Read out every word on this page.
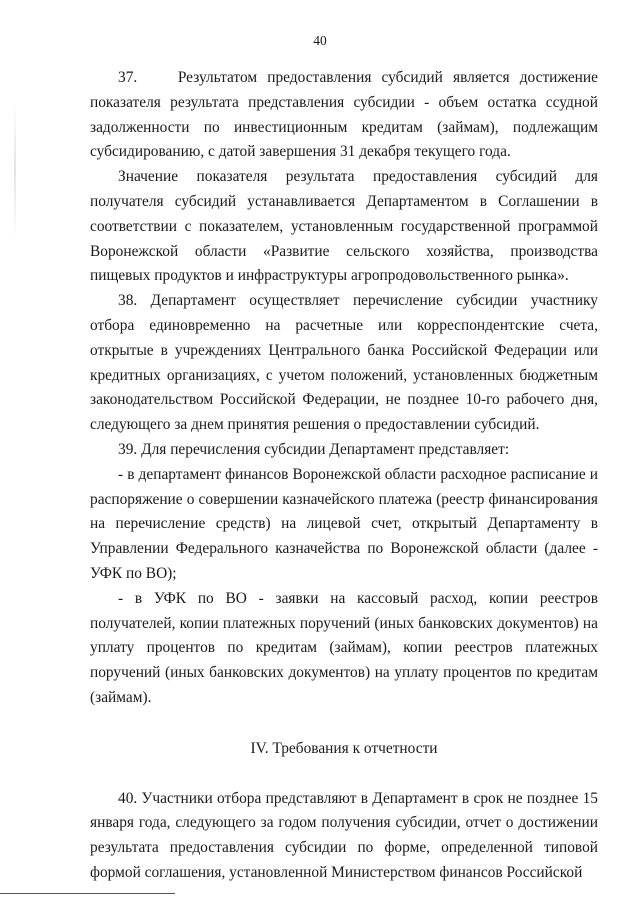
40

37.    Результатом предоставления субсидий является достижение показателя результата представления субсидии - объем остатка ссудной задолженности по инвестиционным кредитам (займам), подлежащим субсидированию, с датой завершения 31 декабря текущего года.

Значение показателя результата предоставления субсидий для получателя субсидий устанавливается Департаментом в Соглашении в соответствии с показателем, установленным государственной программой Воронежской области «Развитие сельского хозяйства, производства пищевых продуктов и инфраструктуры агропродовольственного рынка».

38. Департамент осуществляет перечисление субсидии участнику отбора единовременно на расчетные или корреспондентские счета, открытые в учреждениях Центрального банка Российской Федерации или кредитных организациях, с учетом положений, установленных бюджетным законодательством Российской Федерации, не позднее 10-го рабочего дня, следующего за днем принятия решения о предоставлении субсидий.

39. Для перечисления субсидии Департамент представляет:

- в департамент финансов Воронежской области расходное расписание и распоряжение о совершении казначейского платежа (реестр финансирования на перечисление средств) на лицевой счет, открытый Департаменту в Управлении Федерального казначейства по Воронежской области (далее - УФК по ВО);

- в УФК по ВО - заявки на кассовый расход, копии реестров получателей, копии платежных поручений (иных банковских документов) на уплату процентов по кредитам (займам), копии реестров платежных поручений (иных банковских документов) на уплату процентов по кредитам (займам).

IV. Требования к отчетности

40. Участники отбора представляют в Департамент в срок не позднее 15 января года, следующего за годом получения субсидии, отчет о достижении результата предоставления субсидии по форме, определенной типовой формой соглашения, установленной Министерством финансов Российской
